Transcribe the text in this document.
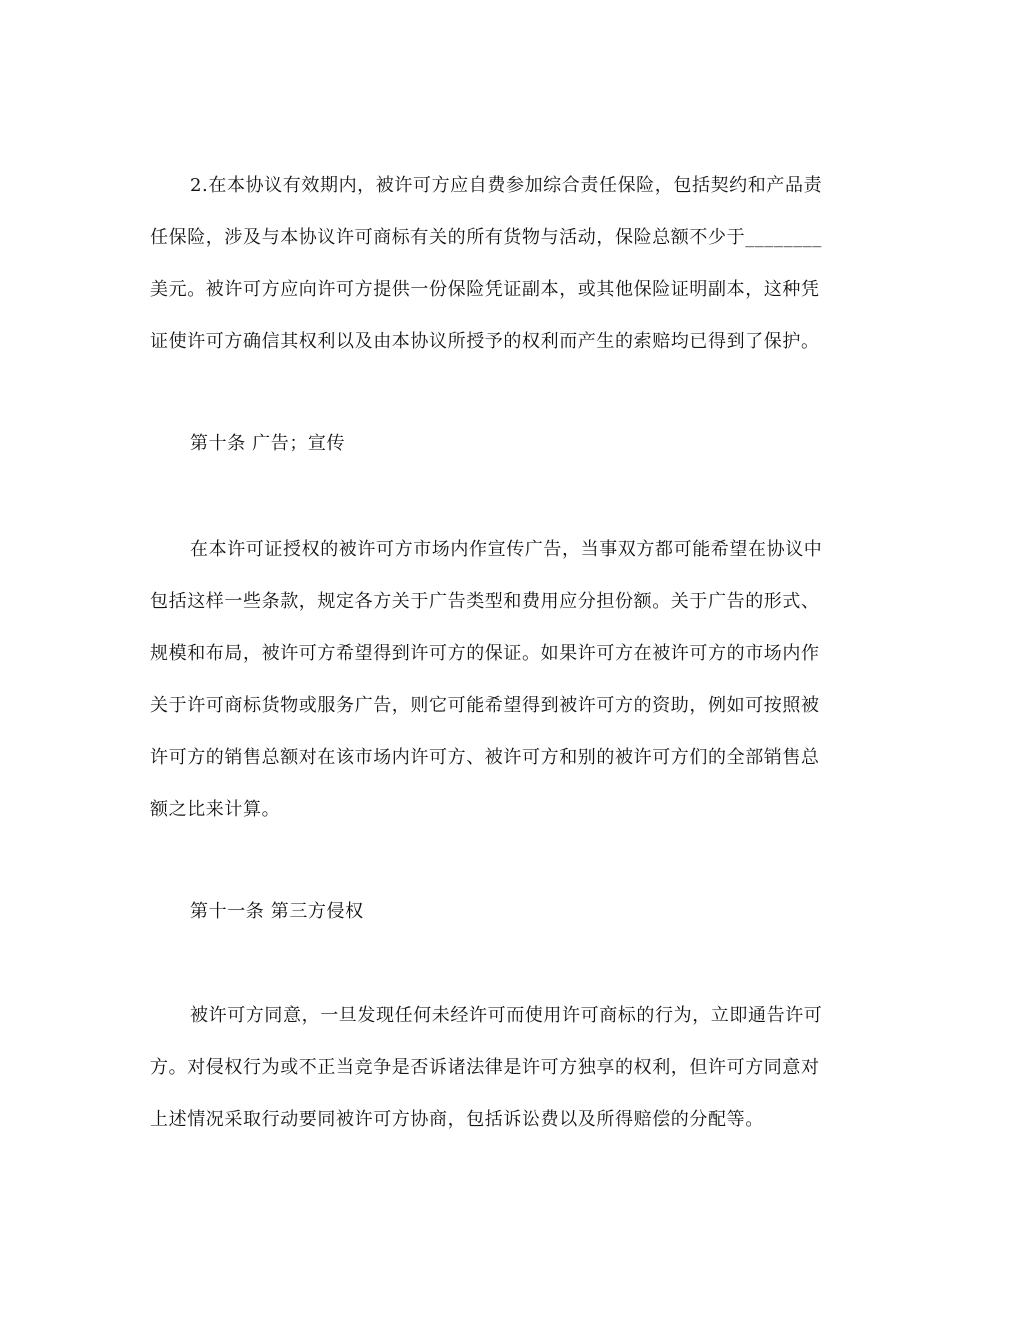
2.在本协议有效期内，被许可方应自费参加综合责任保险，包括契约和产品责
任保险，涉及与本协议许可商标有关的所有货物与活动，保险总额不少于________
美元。被许可方应向许可方提供一份保险凭证副本，或其他保险证明副本，这种凭
证使许可方确信其权利以及由本协议所授予的权利而产生的索赔均已得到了保护。
第十条 广告；宣传
在本许可证授权的被许可方市场内作宣传广告，当事双方都可能希望在协议中
包括这样一些条款，规定各方关于广告类型和费用应分担份额。关于广告的形式、
规模和布局，被许可方希望得到许可方的保证。如果许可方在被许可方的市场内作
关于许可商标货物或服务广告，则它可能希望得到被许可方的资助，例如可按照被
许可方的销售总额对在该市场内许可方、被许可方和别的被许可方们的全部销售总
额之比来计算。
第十一条 第三方侵权
被许可方同意，一旦发现任何未经许可而使用许可商标的行为，立即通告许可
方。对侵权行为或不正当竞争是否诉诸法律是许可方独享的权利，但许可方同意对
上述情况采取行动要同被许可方协商，包括诉讼费以及所得赔偿的分配等。
